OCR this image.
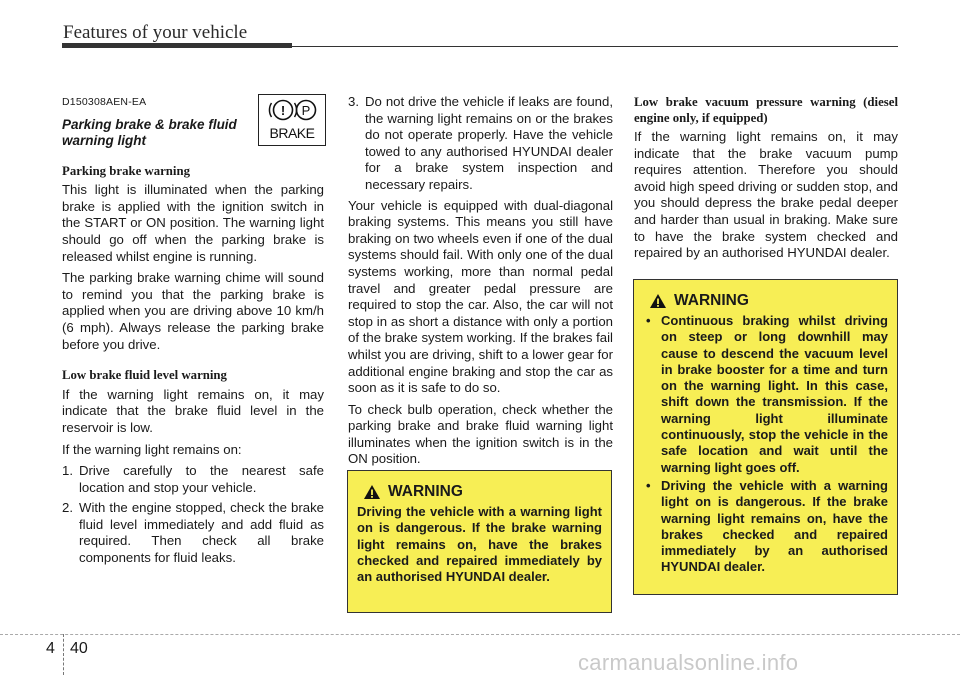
Features of your vehicle
D150308AEN-EA
Parking brake & brake fluid warning light
! P
BRAKE

Parking brake warning

This light is illuminated when the parking brake is applied with the ignition switch in the START or ON position. The warning light should go off when the parking brake is released whilst engine is running.

The parking brake warning chime will sound to remind you that the parking brake is applied when you are driving above 10 km/h (6 mph). Always release the parking brake before you drive.

Low brake fluid level warning

If the warning light remains on, it may indicate that the brake fluid level in the reservoir is low.

If the warning light remains on:

1. Drive carefully to the nearest safe location and stop your vehicle.
2. With the engine stopped, check the brake fluid level immediately and add fluid as required. Then check all brake components for fluid leaks.
3. Do not drive the vehicle if leaks are found, the warning light remains on or the brakes do not operate properly. Have the vehicle towed to any authorised HYUNDAI dealer for a brake system inspection and necessary repairs.

Your vehicle is equipped with dual-diagonal braking systems. This means you still have braking on two wheels even if one of the dual systems should fail. With only one of the dual systems working, more than normal pedal travel and greater pedal pressure are required to stop the car. Also, the car will not stop in as short a distance with only a portion of the brake system working. If the brakes fail whilst you are driving, shift to a lower gear for additional engine braking and stop the car as soon as it is safe to do so.

To check bulb operation, check whether the parking brake and brake fluid warning light illuminates when the ignition switch is in the ON position.

WARNING
Driving the vehicle with a warning light on is dangerous. If the brake warning light remains on, have the brakes checked and repaired immediately by an authorised HYUNDAI dealer.

Low brake vacuum pressure warning (diesel engine only, if equipped)

If the warning light remains on, it may indicate that the brake vacuum pump requires attention. Therefore you should avoid high speed driving or sudden stop, and you should depress the brake pedal deeper and harder than usual in braking. Make sure to have the brake system checked and repaired by an authorised HYUNDAI dealer.

WARNING
• Continuous braking whilst driving on steep or long downhill may cause to descend the vacuum level in brake booster for a time and turn on the warning light. In this case, shift down the transmission. If the warning light illuminate continuously, stop the vehicle in the safe location and wait until the warning light goes off.
• Driving the vehicle with a warning light on is dangerous. If the brake warning light remains on, have the brakes checked and repaired immediately by an authorised HYUNDAI dealer.
4 40
carmanualsonline.info
